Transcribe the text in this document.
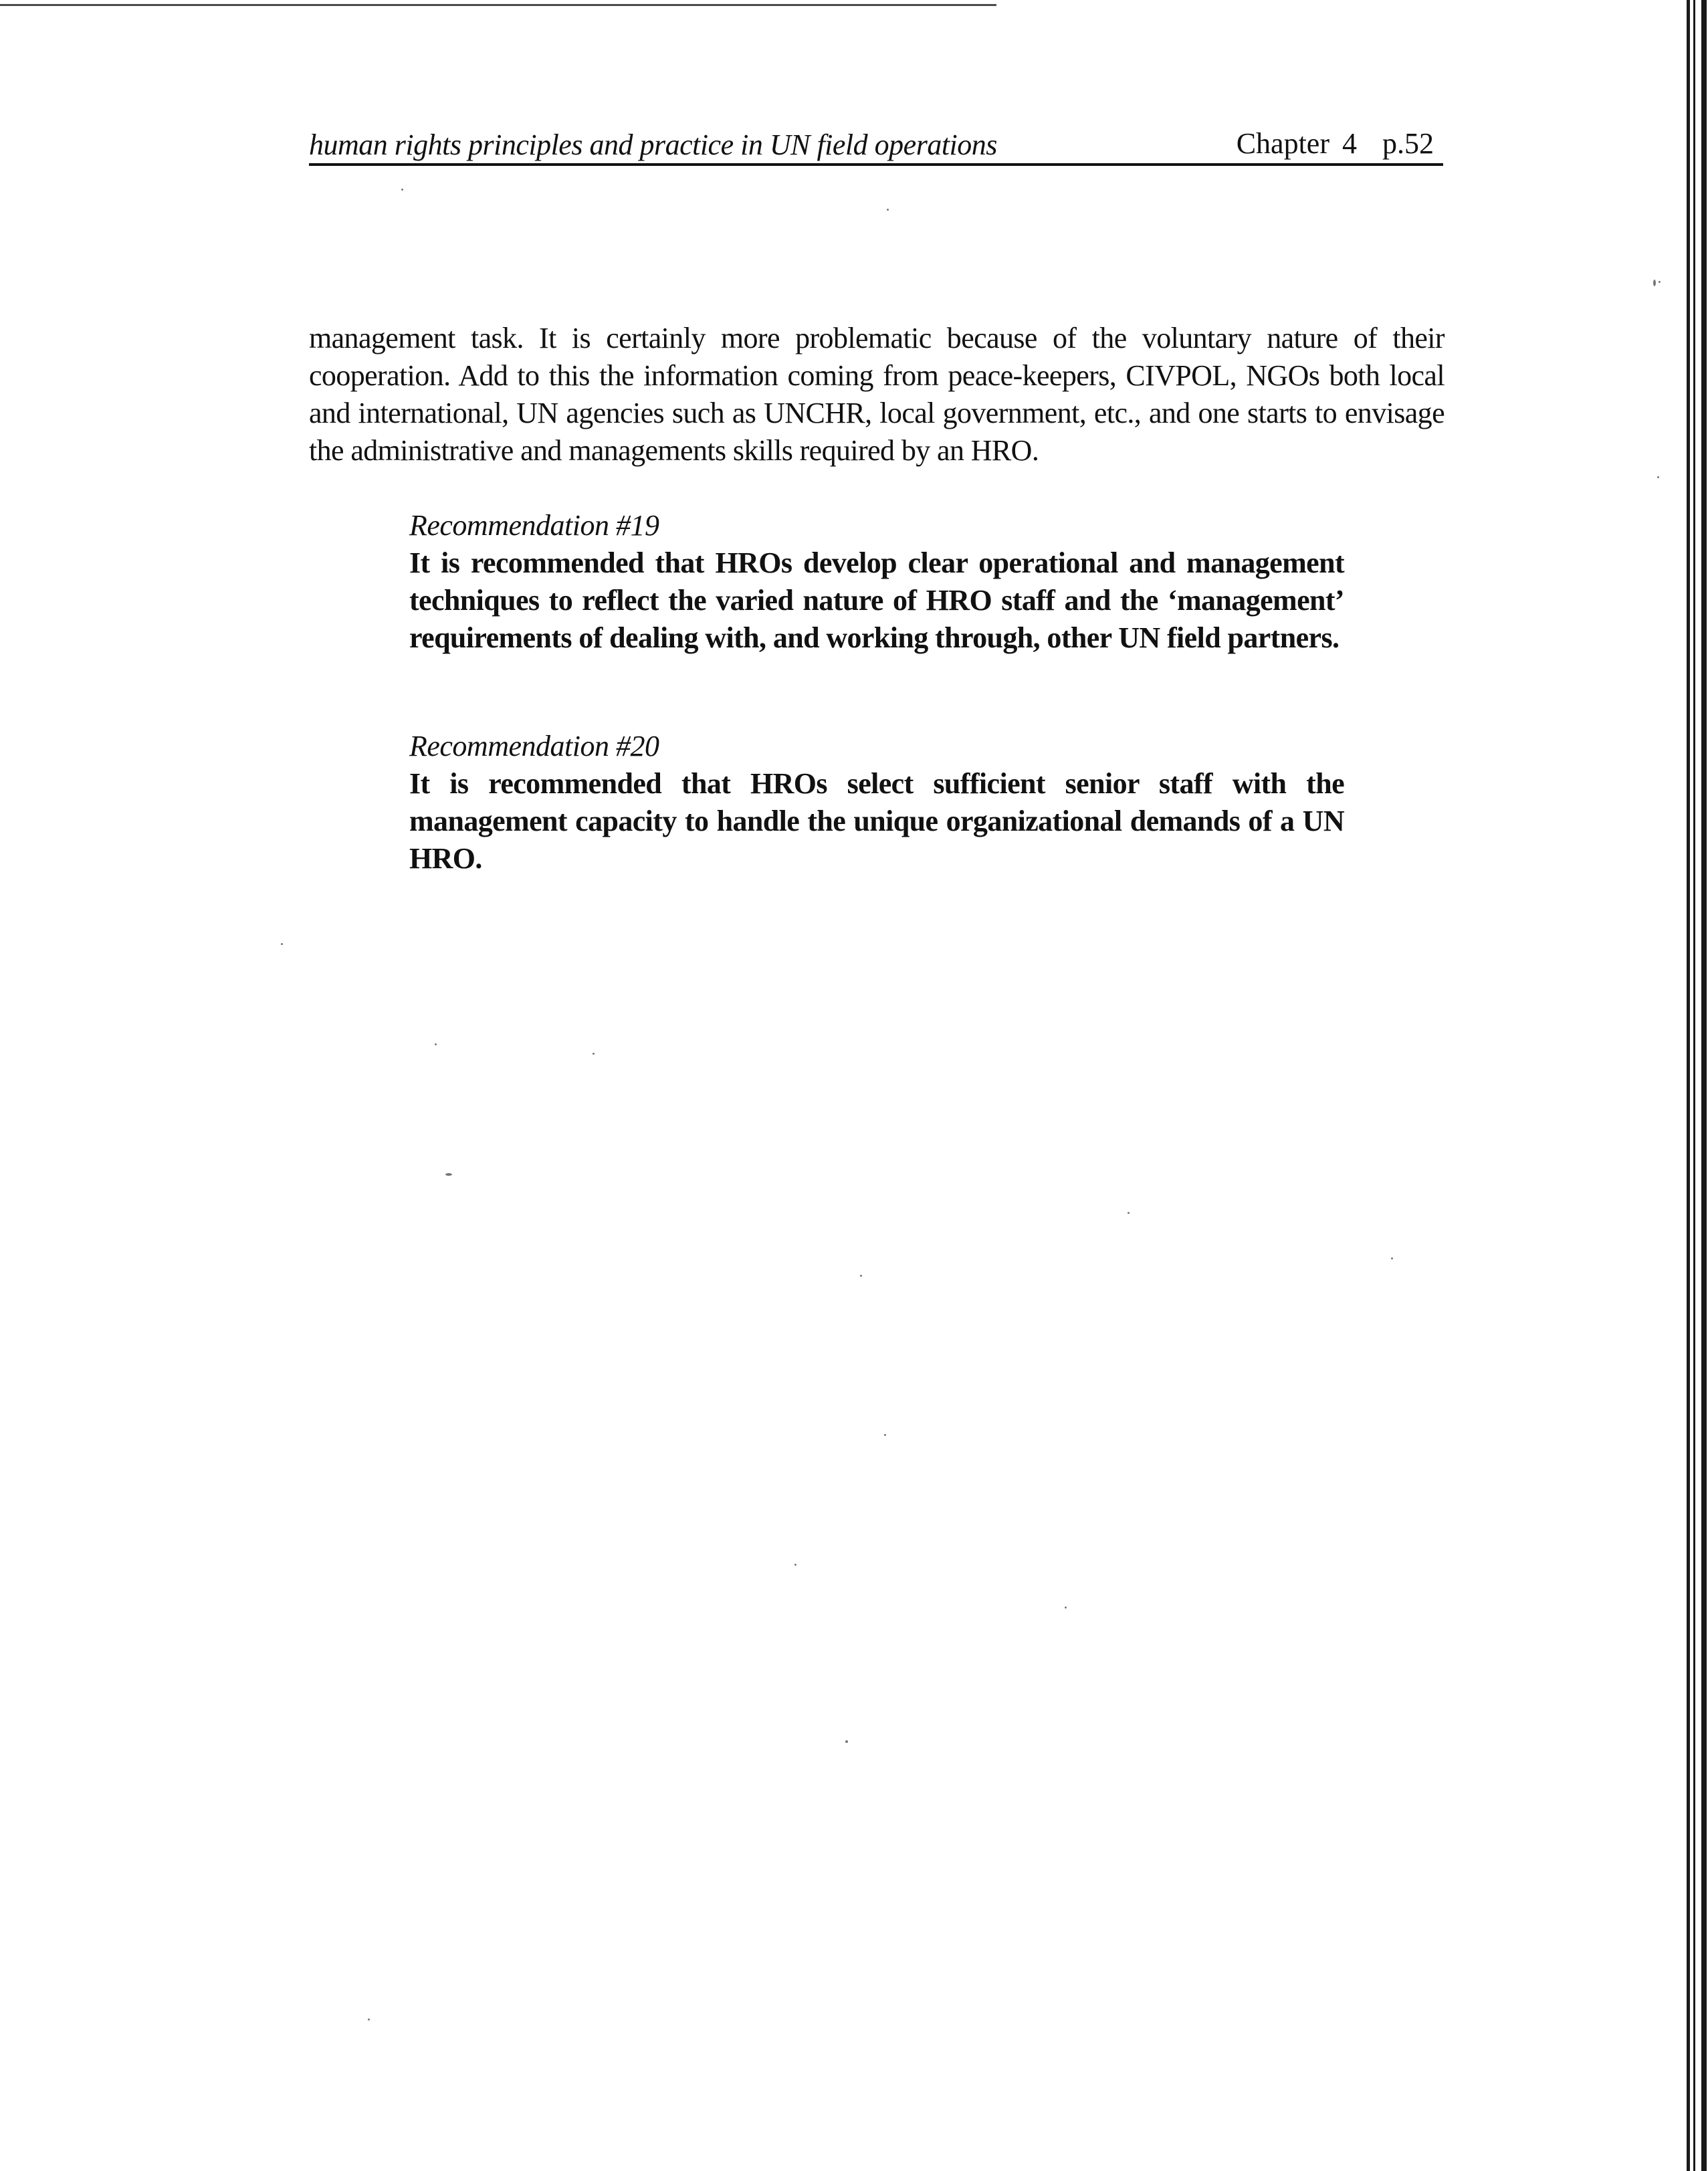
human rights principles and practice in UN field operations	Chapter 4  p.52

management task. It is certainly more problematic because of the voluntary nature of their cooperation. Add to this the information coming from peace-keepers, CIVPOL, NGOs both local and international, UN agencies such as UNCHR, local government, etc., and one starts to envisage the administrative and managements skills required by an HRO.

Recommendation #19

It is recommended that HROs develop clear operational and management techniques to reflect the varied nature of HRO staff and the ‘management’ requirements of dealing with, and working through, other UN field partners.

Recommendation #20

It is recommended that HROs select sufficient senior staff with the management capacity to handle the unique organizational demands of a UN HRO.
